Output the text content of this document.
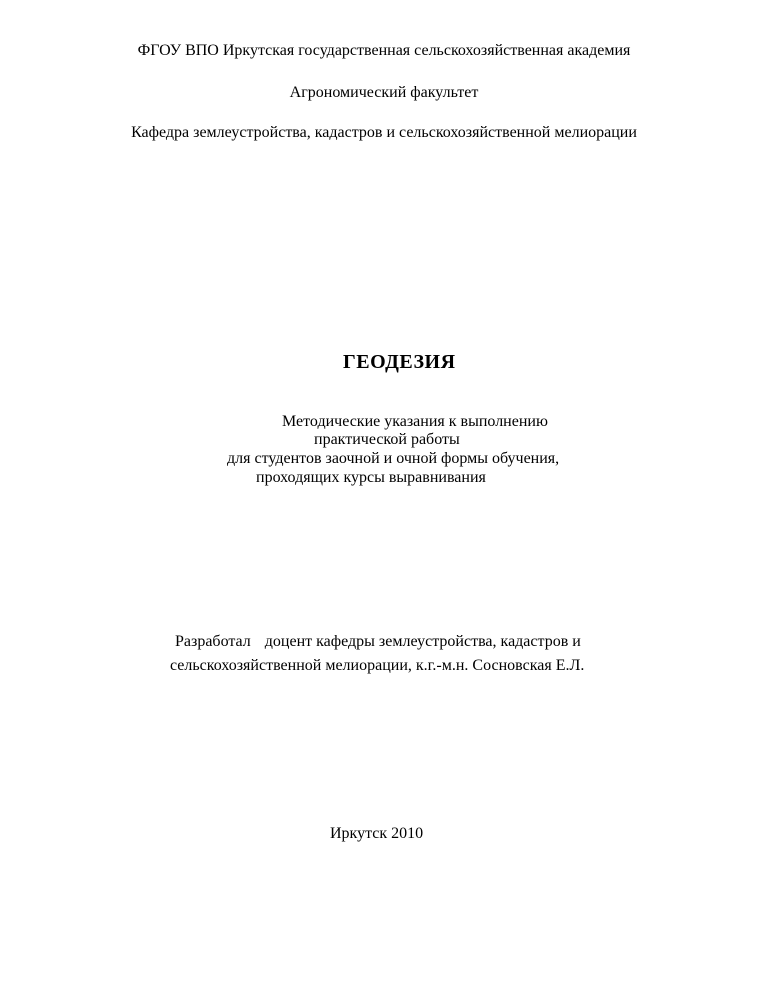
ФГОУ ВПО Иркутская государственная сельскохозяйственная академия
Агрономический факультет
Кафедра землеустройства, кадастров и сельскохозяйственной мелиорации
ГЕОДЕЗИЯ
Методические указания к выполнению
практической работы
для студентов заочной и очной формы обучения,
проходящих курсы выравнивания
Разработал доцент кафедры землеустройства, кадастров и
сельскохозяйственной мелиорации, к.г.-м.н. Сосновская Е.Л.
Иркутск 2010
